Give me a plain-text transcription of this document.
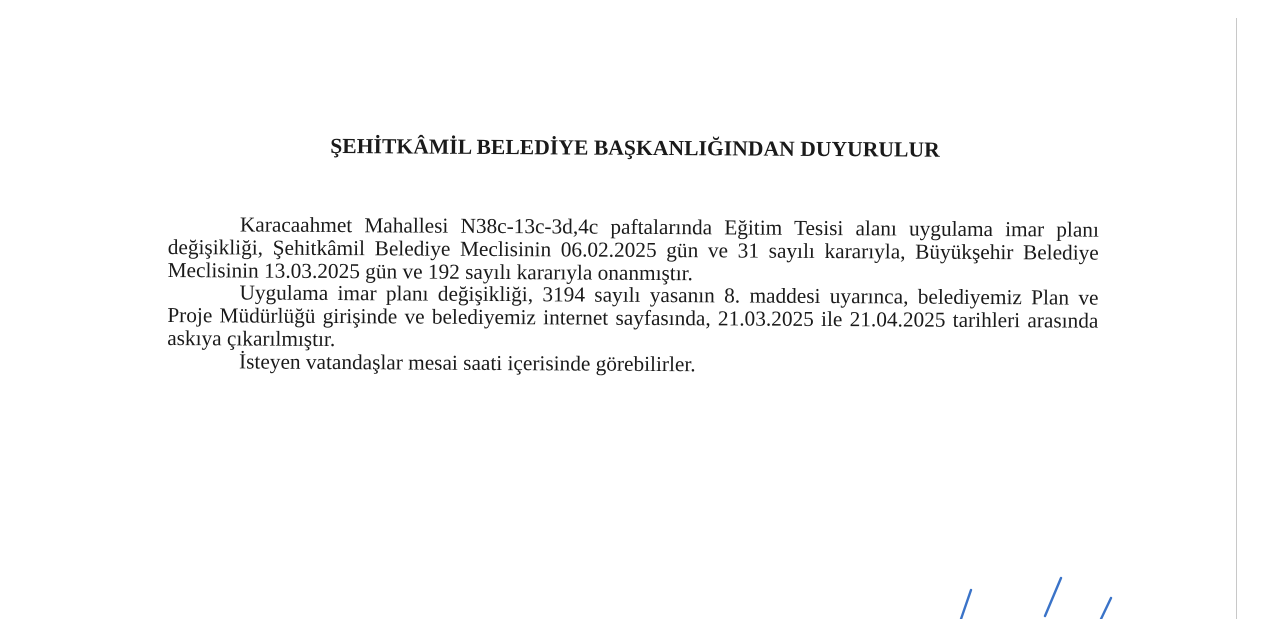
ŞEHİTKÂMİL BELEDİYE BAŞKANLIĞINDAN DUYURULUR

Karacaahmet Mahallesi N38c-13c-3d,4c paftalarında Eğitim Tesisi alanı uygulama imar planı değişikliği, Şehitkâmil Belediye Meclisinin 06.02.2025 gün ve 31 sayılı kararıyla, Büyükşehir Belediye Meclisinin 13.03.2025 gün ve 192 sayılı kararıyla onanmıştır.

Uygulama imar planı değişikliği, 3194 sayılı yasanın 8. maddesi uyarınca, belediyemiz Plan ve Proje Müdürlüğü girişinde ve belediyemiz internet sayfasında, 21.03.2025 ile 21.04.2025 tarihleri arasında askıya çıkarılmıştır.

İsteyen vatandaşlar mesai saati içerisinde görebilirler.
